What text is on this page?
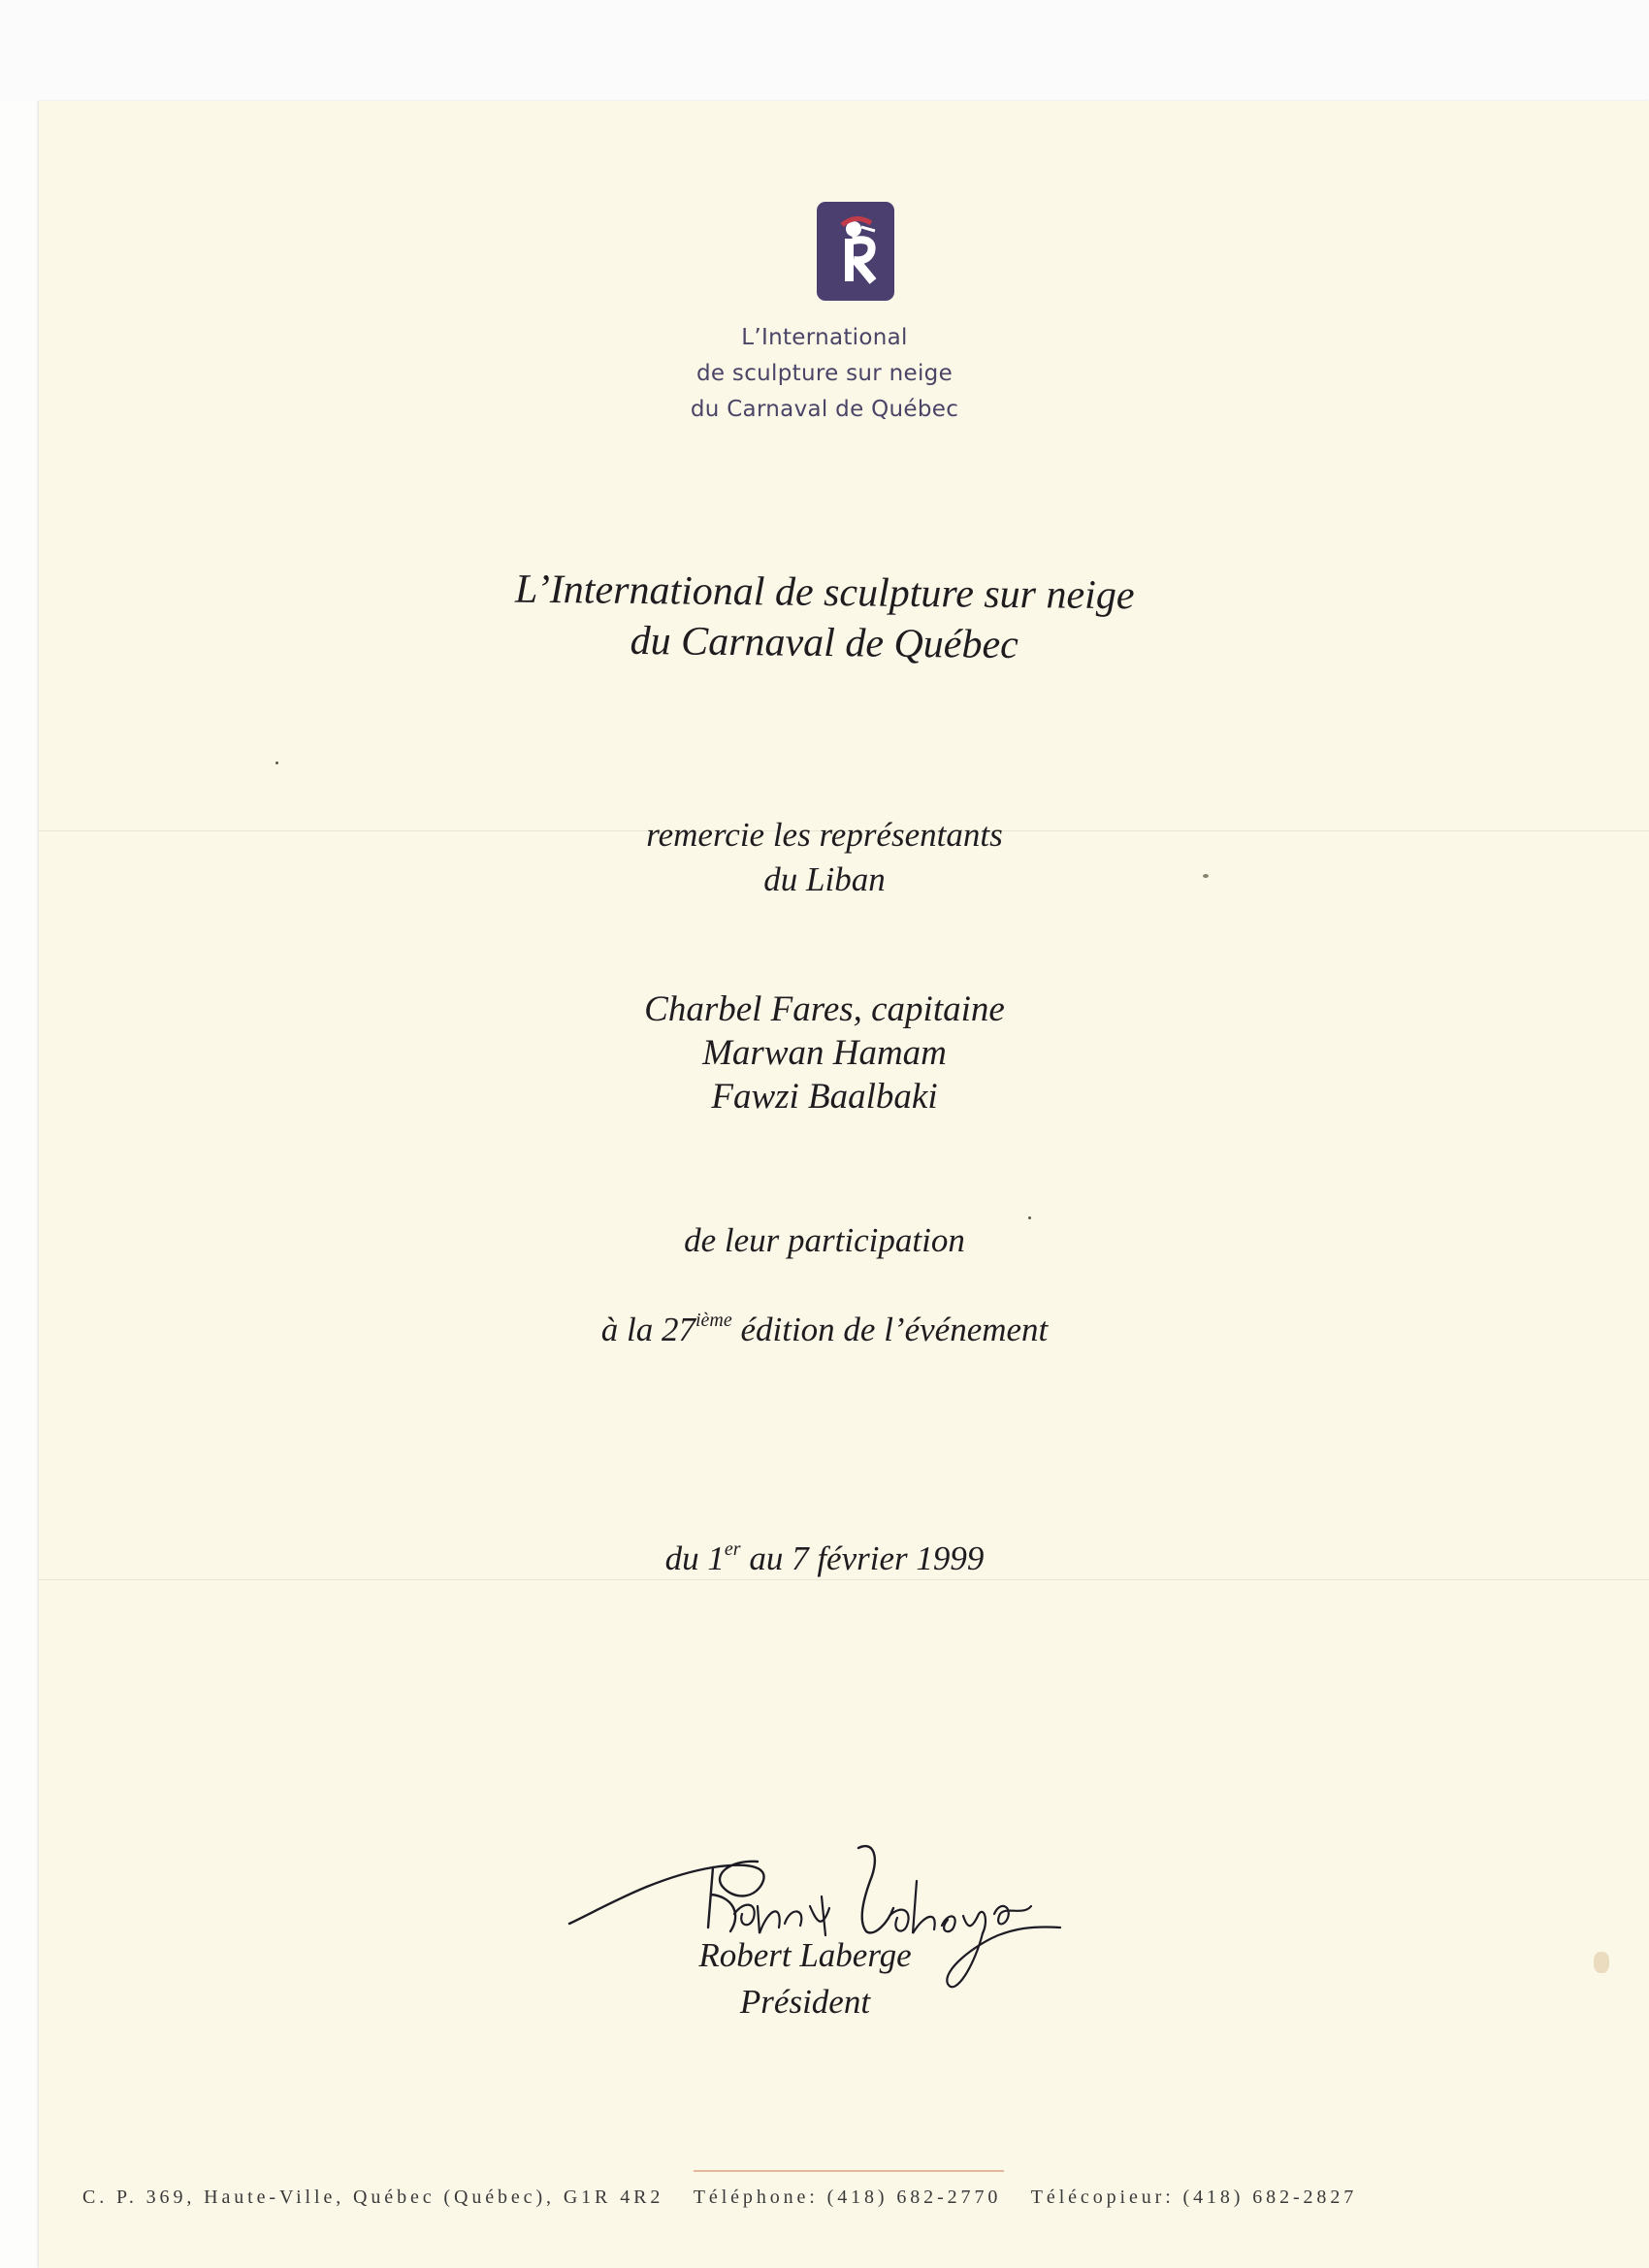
L’International
de sculpture sur neige
du Carnaval de Québec
L’International de sculpture sur neige
du Carnaval de Québec
remercie les représentants
du Liban
Charbel Fares, capitaine
Marwan Hamam
Fawzi Baalbaki
de leur participation
à la 27ième édition de l’événement
du 1er au 7 février 1999
Robert Laberge
Président
C. P. 369, Haute-Ville, Québec (Québec), G1R 4R2 Téléphone: (418) 682-2770 Télécopieur: (418) 682-2827
